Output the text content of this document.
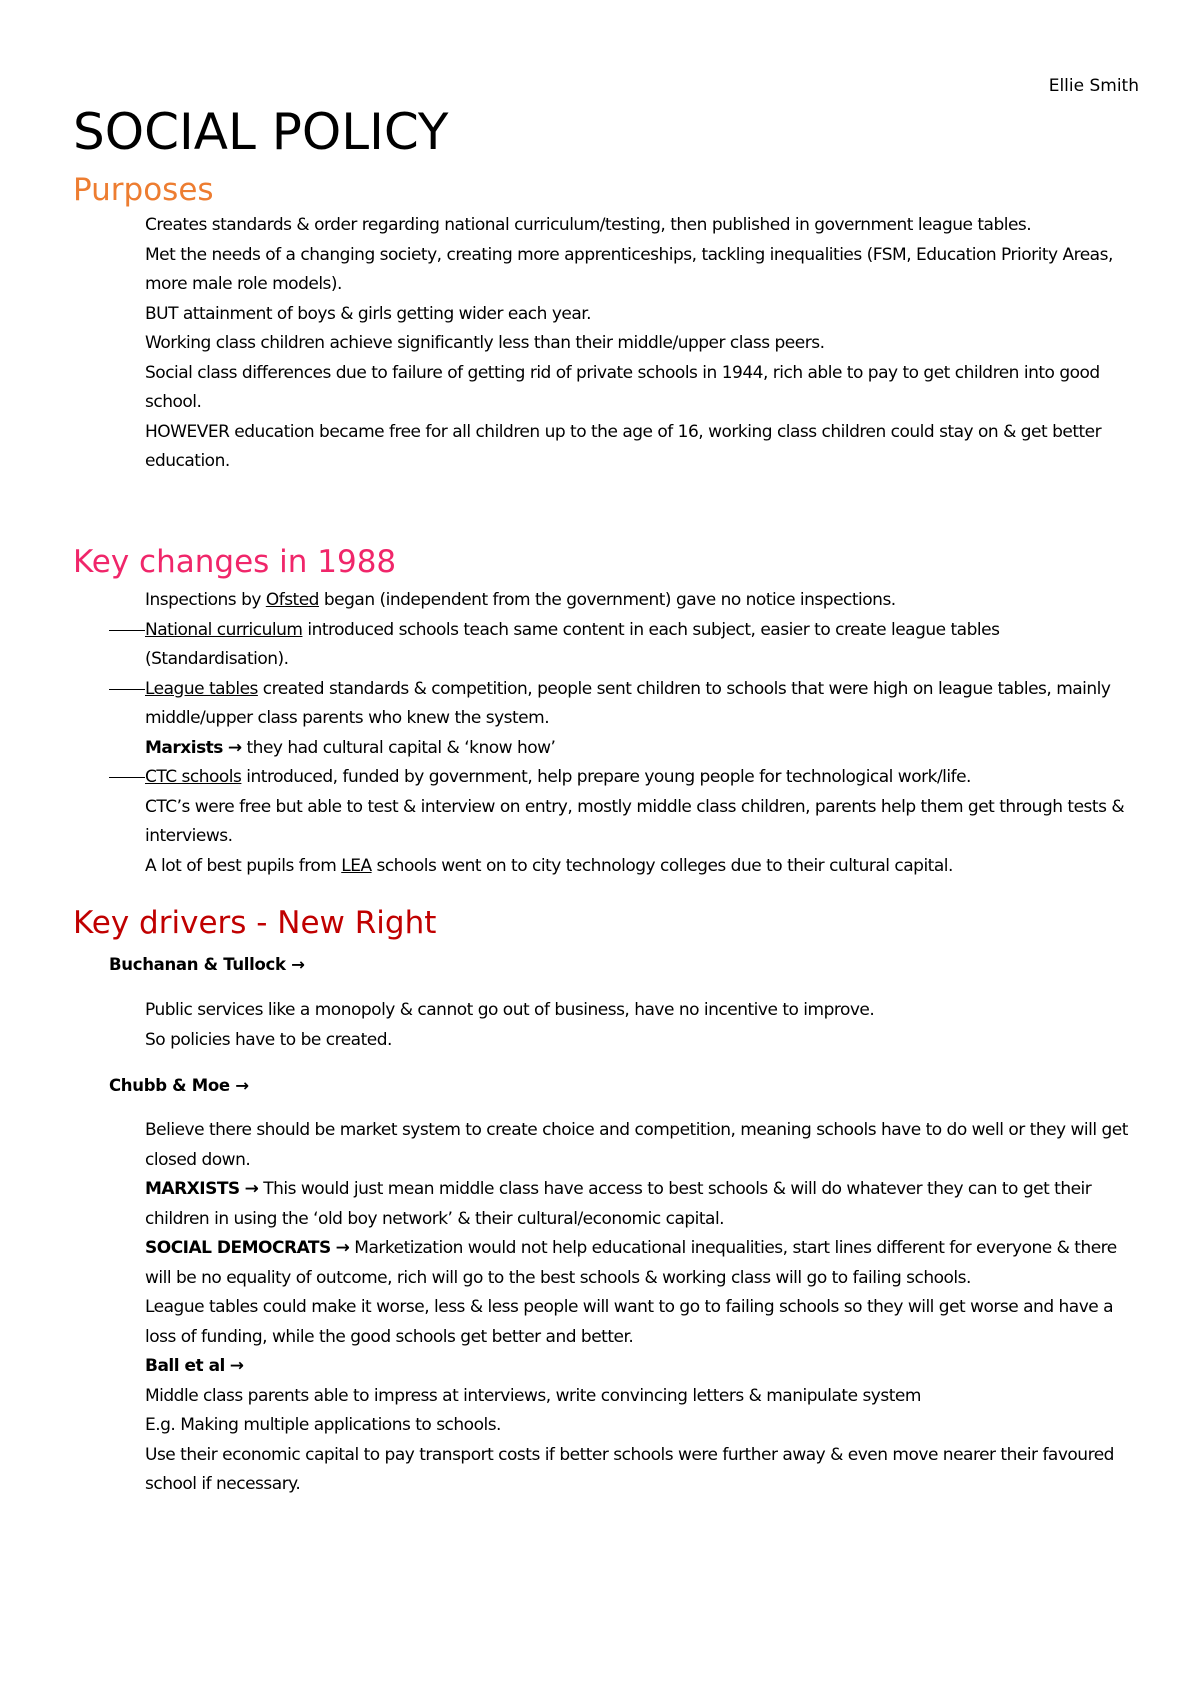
Ellie Smith
SOCIAL POLICY
Purposes

Creates standards & order regarding national curriculum/testing, then published in government league tables.

Met the needs of a changing society, creating more apprenticeships, tackling inequalities (FSM, Education Priority Areas, more male role models).

BUT attainment of boys & girls getting wider each year.

Working class children achieve significantly less than their middle/upper class peers.

Social class differences due to failure of getting rid of private schools in 1944, rich able to pay to get children into good school.

HOWEVER education became free for all children up to the age of 16, working class children could stay on & get better education.

Key changes in 1988

Inspections by Ofsted began (independent from the government) gave no notice inspections.

National curriculum introduced schools teach same content in each subject, easier to create league tables (Standardisation).

League tables created standards & competition, people sent children to schools that were high on league tables, mainly middle/upper class parents who knew the system.

Marxists → they had cultural capital & ‘know how’

CTC schools introduced, funded by government, help prepare young people for technological work/life.

CTC’s were free but able to test & interview on entry, mostly middle class children, parents help them get through tests & interviews.

A lot of best pupils from LEA schools went on to city technology colleges due to their cultural capital.

Key drivers - New Right
Buchanan & Tullock →

Public services like a monopoly & cannot go out of business, have no incentive to improve.

So policies have to be created.

Chubb & Moe →

Believe there should be market system to create choice and competition, meaning schools have to do well or they will get closed down.

MARXISTS → This would just mean middle class have access to best schools & will do whatever they can to get their children in using the ‘old boy network’ & their cultural/economic capital.

SOCIAL DEMOCRATS → Marketization would not help educational inequalities, start lines different for everyone & there will be no equality of outcome, rich will go to the best schools & working class will go to failing schools.

League tables could make it worse, less & less people will want to go to failing schools so they will get worse and have a loss of funding, while the good schools get better and better.

Ball et al →

Middle class parents able to impress at interviews, write convincing letters & manipulate system

E.g. Making multiple applications to schools.

Use their economic capital to pay transport costs if better schools were further away & even move nearer their favoured school if necessary.
